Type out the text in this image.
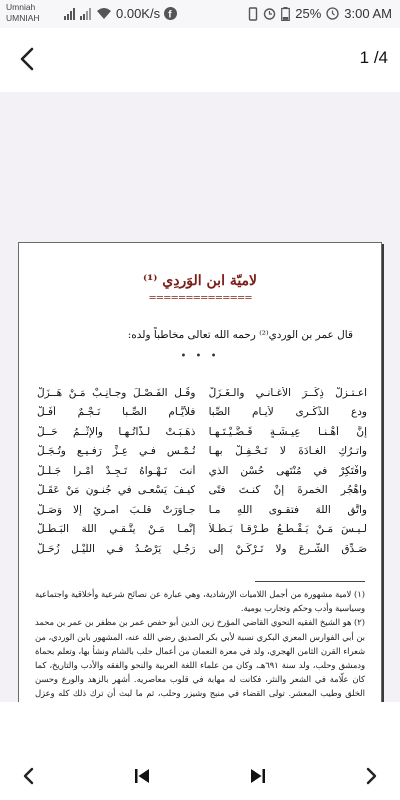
Umniah
UMNIAH	0.00K/s f	25% 3:00 AM
1 /4
لاميّة ابن الوَردِي ⁽¹⁾
==============
قال عمر بن الوردي⁽²⁾ رحمه الله تعالى مخاطباً ولده:
• • •
اعـتـزلْ ذِكْــرَ الأغـانـي والـغَـزَلْ
وقُـلِ الفَـصْـلَ وجـانِـبْ مَـنْ هَــزَلْ
ودعِ الذِّكْـرى لأيـامِ الصِّبا
فلأيَّـامِ الصِّـبا نَـجْـمٌ أَفَـلْ
إنَّ أهْـنـا عِيـشَـةٍ قَـضَّـيْـتَـهـا
ذهَـبَـتْ لـذَّاتُـهـا والإثْــمُ حَــلْ
واتـرُكِ الغـادَةَ لا تَـحْـفِـلْ بهـا
تُـمْـسِ فـي عِـزٍّ رَفـيـعٍ وتُـجَـلْ
وافْتَكِرْ في مُنْتَهى حُسْنِ الذي
أنتَ تَـهْـواهُ تَـجِـدْ أمْـراً جَـلَـلْ
واهْجُرِ الخمرةَ إنْ كنـتَ فتًى
كيـفَ يَسْعـى في جُنـونٍ مَنْ عَقَـلْ
واتَّقِ اللهَ فتقـوى اللهِ مـا
جـاوَرَتْ قلـبَ امـرئٍ إلا وَصَـلْ
لـيـسَ مَـنْ يَـقْـطَـعُ طُـرْقـاً بَـطَـلاً
إنَّمـا مَـنْ يتَّـقـي اللهَ البَـطَـلْ
صَـدِّقِ الشَّـرعَ ولا تَـرْكَـنْ إلى
رَجُـلٍ يَرْصُـدُ فـي اللَّيْـلِ زُحَـلْ
(١) لامية مشهورة من أجمل اللاميات الإرشادية، وهي عبارة عن نصائح شرعية وأخلاقية واجتماعية وسياسية وأدب وحكم وتجارب يومية.
(٢) هو الشيخ الفقيه النحوي القاضي المؤرخ زين الدين أبو حفص عمر بن مظفر بن عمر بن محمد بن أبي الفوارس المعري البكري نسبة لأبي بكر الصديق رضي الله عنه، المشهور بابن الوردي، من شعراء القرن الثامن الهجري، ولد في معرة النعمان من أعمال حلب بالشام ونشأ بها، وتعلم بحماة ودمشق وحلب، ولد سنة ٦٩١هـ، وكان من علماء اللغة العربية والنحو والفقه والأدب والتاريخ، كما كان علّامة في الشعر والنثر، فكانت له مهابة في قلوب معاصريه. أشهر بالزهد والورع وحسن الخلق وطيب المعشر. تولى القضاء في منبج وشيزر وحلب، ثم ما لبث أن ترك ذلك كله وعزل
